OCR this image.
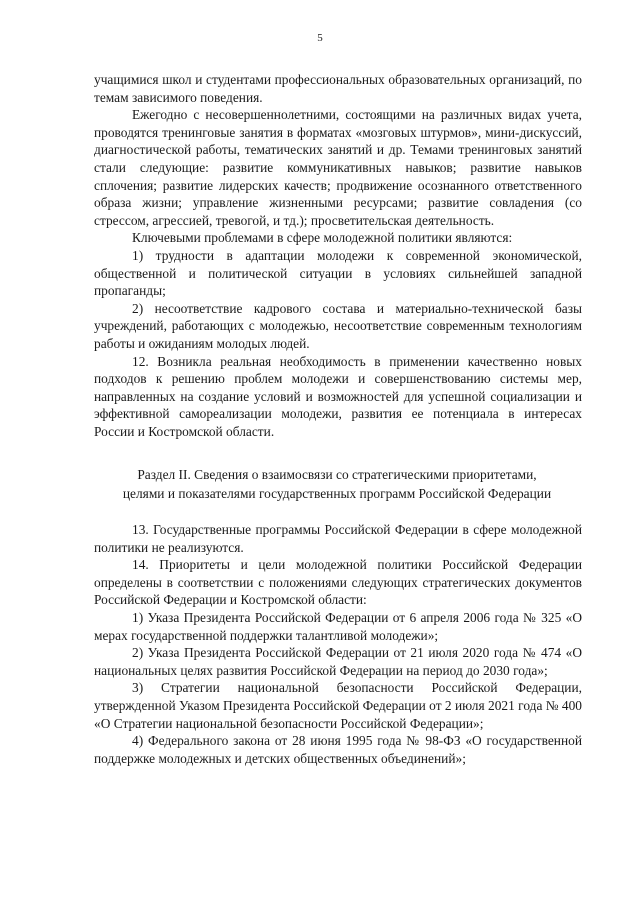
5

учащимися школ и студентами профессиональных образовательных организаций, по темам зависимого поведения.

Ежегодно с несовершеннолетними, состоящими на различных видах учета, проводятся тренинговые занятия в форматах «мозговых штурмов», мини-дискуссий, диагностической работы, тематических занятий и др. Темами тренинговых занятий стали следующие: развитие коммуникативных навыков; развитие навыков сплочения; развитие лидерских качеств; продвижение осознанного ответственного образа жизни; управление жизненными ресурсами; развитие совладения (со стрессом, агрессией, тревогой, и тд.); просветительская деятельность.

Ключевыми проблемами в сфере молодежной политики являются:

1) трудности в адаптации молодежи к современной экономической, общественной и политической ситуации в условиях сильнейшей западной пропаганды;

2) несоответствие кадрового состава и материально-технической базы учреждений, работающих с молодежью, несоответствие современным технологиям работы и ожиданиям молодых людей.

12. Возникла реальная необходимость в применении качественно новых подходов к решению проблем молодежи и совершенствованию системы мер, направленных на создание условий и возможностей для успешной социализации и эффективной самореализации молодежи, развития ее потенциала в интересах России и Костромской области.

Раздел II. Сведения о взаимосвязи со стратегическими приоритетами,
целями и показателями государственных программ Российской Федерации

13. Государственные программы Российской Федерации в сфере молодежной политики не реализуются.

14. Приоритеты и цели молодежной политики Российской Федерации определены в соответствии с положениями следующих стратегических документов Российской Федерации и Костромской области:

1) Указа Президента Российской Федерации от 6 апреля 2006 года № 325 «О мерах государственной поддержки талантливой молодежи»;

2) Указа Президента Российской Федерации от 21 июля 2020 года № 474 «О национальных целях развития Российской Федерации на период до 2030 года»;

3) Стратегии национальной безопасности Российской Федерации, утвержденной Указом Президента Российской Федерации от 2 июля 2021 года № 400 «О Стратегии национальной безопасности Российской Федерации»;

4) Федерального закона от 28 июня 1995 года № 98-ФЗ «О государственной поддержке молодежных и детских общественных объединений»;
